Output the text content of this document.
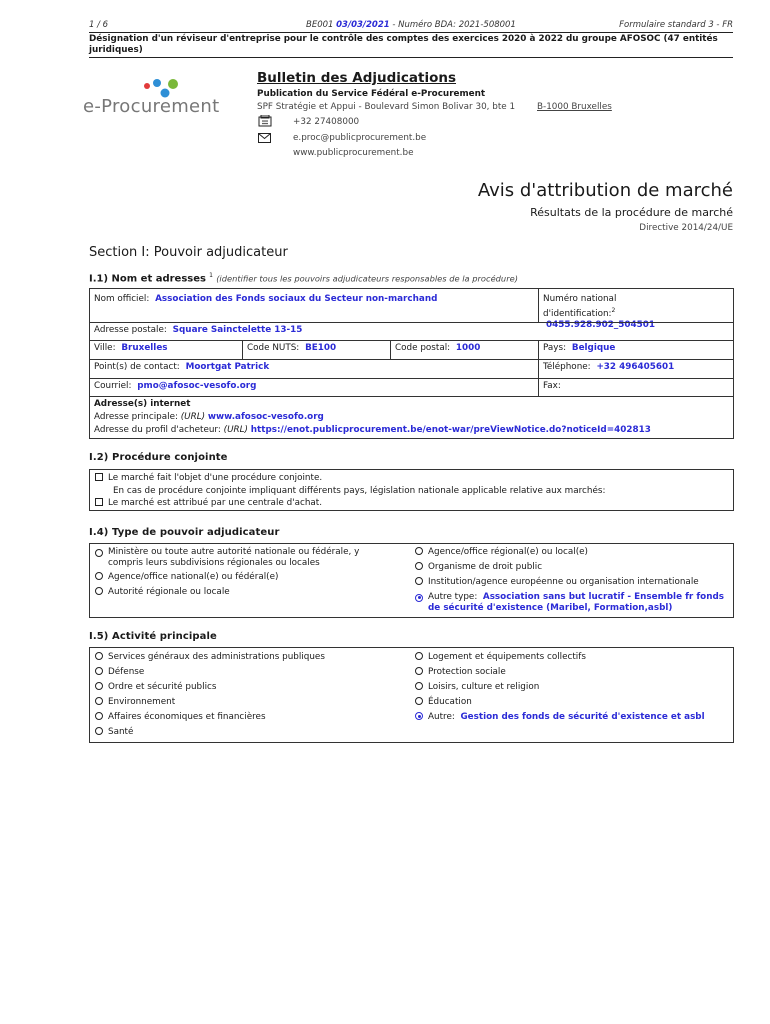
1 / 6	BE001 03/03/2021 - Numéro BDA: 2021-508001	Formulaire standard 3 - FR
Désignation d'un réviseur d'entreprise pour le contrôle des comptes des exercices 2020 à 2022 du groupe AFOSOC (47 entités
juridiques)
e-Procurement
Bulletin des Adjudications
Publication du Service Fédéral e-Procurement
SPF Stratégie et Appui - Boulevard Simon Bolivar 30, bte 1 B-1000 Bruxelles
+32 27408000
e.proc@publicprocurement.be
www.publicprocurement.be
Avis d'attribution de marché
Résultats de la procédure de marché
Directive 2014/24/UE
Section I: Pouvoir adjudicateur
I.1) Nom et adresses $^1$ (identifier tous les pouvoirs adjudicateurs responsables de la procédure)
Nom officiel: Association des Fonds sociaux du Secteur non-marchand	Numéro national
d'identification:$^2$ 0455.928.902_504501
Adresse postale: Square Sainctelette 13-15
Ville: Bruxelles	Code NUTS: BE100	Code postal: 1000	Pays: Belgique
Point(s) de contact: Moortgat Patrick	Téléphone: +32 496405601
Courriel: pmo@afosoc-vesofo.org	Fax:
Adresse(s) internet
Adresse principale: (URL) www.afosoc-vesofo.org
Adresse du profil d'acheteur: (URL) https://enot.publicprocurement.be/enot-war/preViewNotice.do?noticeId=402813
I.2) Procédure conjointe
Le marché fait l'objet d'une procédure conjointe.
En cas de procédure conjointe impliquant différents pays, législation nationale applicable relative aux marchés:
Le marché est attribué par une centrale d'achat.
I.4) Type de pouvoir adjudicateur
Ministère ou toute autre autorité nationale ou fédérale, y compris leurs subdivisions régionales ou locales
Agence/office national(e) ou fédéral(e)
Autorité régionale ou locale
Agence/office régional(e) ou local(e)
Organisme de droit public
Institution/agence européenne ou organisation internationale
Autre type: Association sans but lucratif - Ensemble fr fonds de sécurité d'existence (Maribel, Formation,asbl)
I.5) Activité principale
Services généraux des administrations publiques
Défense
Ordre et sécurité publics
Environnement
Affaires économiques et financières
Santé
Logement et équipements collectifs
Protection sociale
Loisirs, culture et religion
Éducation
Autre: Gestion des fonds de sécurité d'existence et asbl
